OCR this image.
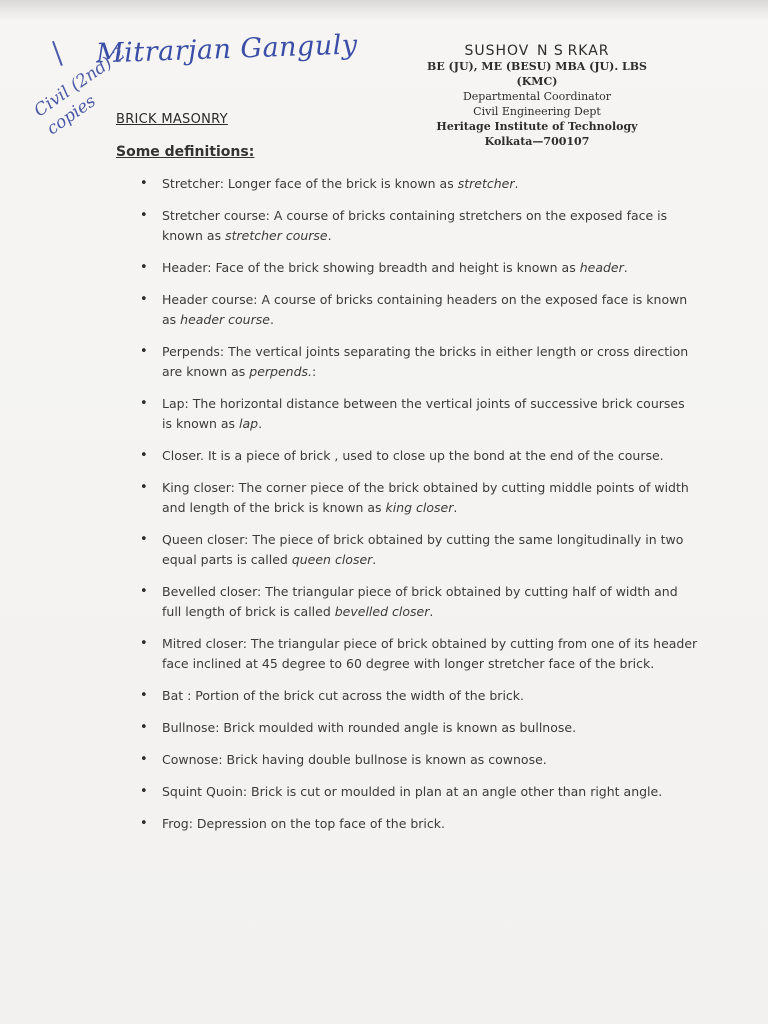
Mitrarjan Ganguly
Civil (2nd) 2 copies
SUSHOV  N S RKAR
BE (JU), ME (BESU) MBA (JU). LBS (KMC)
Departmental Coordinator
Civil Engineering Dept
Heritage Institute of Technology
Kolkata—700107
BRICK MASONRY
Some definitions:
• Stretcher: Longer face of the brick is known as stretcher.
• Stretcher course: A course of bricks containing stretchers on the exposed face is known as stretcher course.
• Header: Face of the brick showing breadth and height is known as header.
• Header course: A course of bricks containing headers on the exposed face is known as header course.
• Perpends: The vertical joints separating the bricks in either length or cross direction are known as perpends.:
• Lap: The horizontal distance between the vertical joints of successive brick courses is known as lap.
• Closer. It is a piece of brick , used to close up the bond at the end of the course.
• King closer: The corner piece of the brick obtained by cutting middle points of width and length of the brick is known as king closer.
• Queen closer: The piece of brick obtained by cutting the same longitudinally in two equal parts is called queen closer.
• Bevelled closer: The triangular piece of brick obtained by cutting half of width and full length of brick is called bevelled closer.
• Mitred closer: The triangular piece of brick obtained by cutting from one of its header face inclined at 45 degree to 60 degree with longer stretcher face of the brick.
• Bat : Portion of the brick cut across the width of the brick.
• Bullnose: Brick moulded with rounded angle is known as bullnose.
• Cownose: Brick having double bullnose is known as cownose.
• Squint Quoin: Brick is cut or moulded in plan at an angle other than right angle.
• Frog: Depression on the top face of the brick.
